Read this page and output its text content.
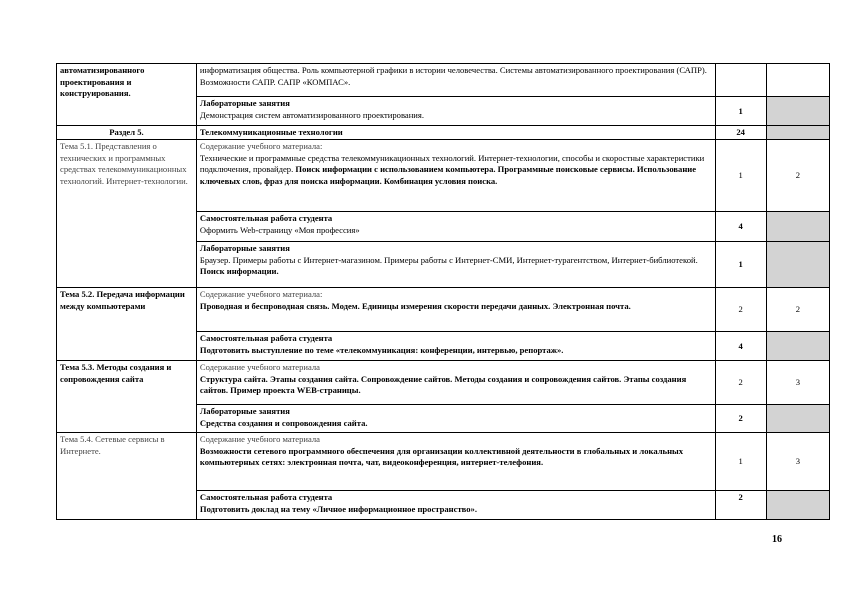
автоматизированного проектирования и конструирования.	информатизация общества. Роль компьютерной графики в истории человечества. Системы автоматизированного проектирования (САПР). Возможности САПР. САПР «КОМПАС».		

	Лабораторные занятия
Демонстрация систем автоматизированного проектирования.	1	
Раздел 5.	Телекоммуникационные технологии	24	
Тема 5.1. Представления о технических и программных средствах телекоммуникационных технологий. Интернет-технологии.	Содержание учебного материала:
Технические и программные средства телекоммуникационных технологий. Интернет-технологии, способы и скоростные характеристики подключения, провайдер. Поиск информации с использованием компьютера. Программные поисковые сервисы. Использование ключевых слов, фраз для поиска информации. Комбинация условия поиска.	1	2

	Самостоятельная работа студента
Оформить Web-страницу «Моя профессия»	4	

	Лабораторные занятия
Браузер. Примеры работы с Интернет-магазином. Примеры работы с Интернет-СМИ, Интернет-турагентством, Интернет-библиотекой. Поиск информации.	1	
Тема 5.2. Передача информации между компьютерами	Содержание учебного материала:
Проводная и беспроводная связь. Модем. Единицы измерения скорости передачи данных. Электронная почта.	2	2

	Самостоятельная работа студента
Подготовить выступление по теме «телекоммуникация: конференции, интервью, репортаж».	4	
Тема 5.3. Методы создания и сопровождения сайта	Содержание учебного материала
Структура сайта. Этапы создания сайта. Сопровождение сайтов. Методы создания и сопровождения сайтов. Этапы создания сайтов. Пример проекта WEB-страницы.	2	3

	Лабораторные занятия
Средства создания и сопровождения сайта.	2	
Тема 5.4. Сетевые сервисы в Интернете.	Содержание учебного материала
Возможности сетевого программного обеспечения для организации коллективной деятельности в глобальных и локальных компьютерных сетях: электронная почта, чат, видеоконференция, интернет-телефония.	1	3

	Самостоятельная работа студента
Подготовить доклад на тему «Личное информационное пространство».	2	
16
